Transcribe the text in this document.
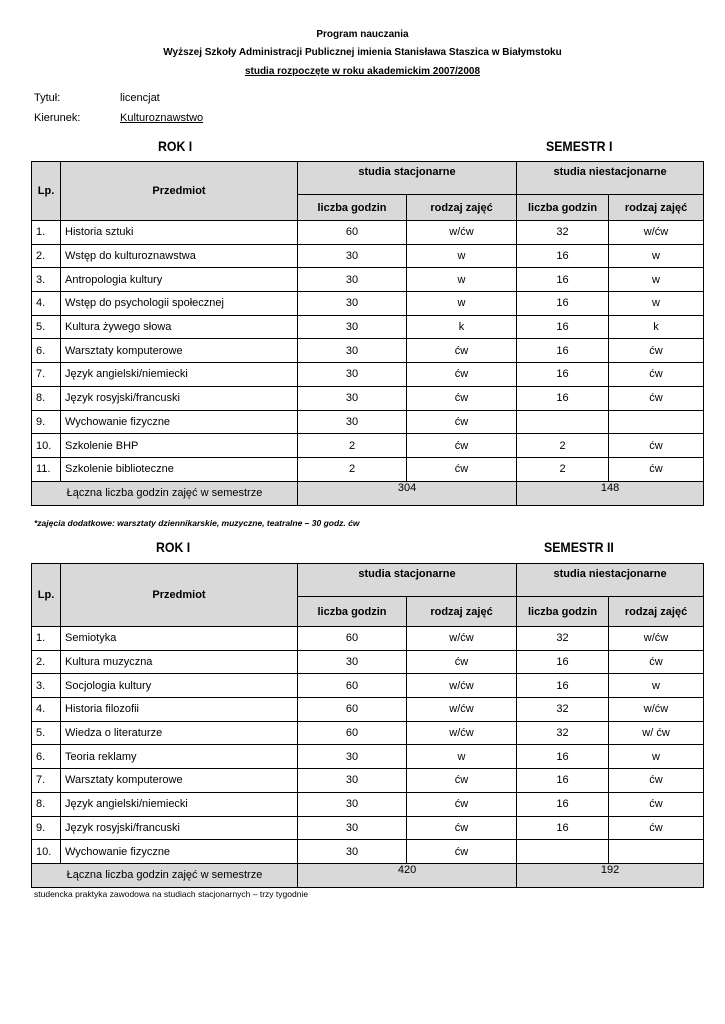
Program nauczania
Wyższej Szkoły Administracji Publicznej imienia Stanisława Staszica w Białymstoku
studia rozpoczęte w roku akademickim 2007/2008
Tytuł:	licencjat
Kierunek:	Kulturoznawstwo
ROK I	SEMESTR I
Lp.	Przedmiot	studia stacjonarne		studia niestacjonarne	
		liczba godzin	rodzaj zajęć	liczba godzin	rodzaj zajęć
1.	Historia sztuki	60	w/ćw	32	w/ćw
2.	Wstęp do kulturoznawstwa	30	w	16	w
3.	Antropologia kultury	30	w	16	w
4.	Wstęp do psychologii społecznej	30	w	16	w
5.	Kultura żywego słowa	30	k	16	k
6.	Warsztaty komputerowe	30	ćw	16	ćw
7.	Język angielski/niemiecki	30	ćw	16	ćw
8.	Język rosyjski/francuski	30	ćw	16	ćw
9.	Wychowanie fizyczne	30	ćw		
10.	Szkolenie BHP	2	ćw	2	ćw
11.	Szkolenie biblioteczne	2	ćw	2	ćw
Łączna liczba godzin zajęć w semestrze		304		148	
*zajęcia dodatkowe: warsztaty dziennikarskie, muzyczne, teatralne – 30 godz. ćw
ROK I	SEMESTR II
Lp.	Przedmiot	studia stacjonarne		studia niestacjonarne	
		liczba godzin	rodzaj zajęć	liczba godzin	rodzaj zajęć
1.	Semiotyka	60	w/ćw	32	w/ćw
2.	Kultura muzyczna	30	ćw	16	ćw
3.	Socjologia kultury	60	w/ćw	16	w
4.	Historia filozofii	60	w/ćw	32	w/ćw
5.	Wiedza o literaturze	60	w/ćw	32	w/ ćw
6.	Teoria reklamy	30	w	16	w
7.	Warsztaty komputerowe	30	ćw	16	ćw
8.	Język angielski/niemiecki	30	ćw	16	ćw
9.	Język rosyjski/francuski	30	ćw	16	ćw
10.	Wychowanie fizyczne	30	ćw		
Łączna liczba godzin zajęć w semestrze		420		192	
studencka praktyka zawodowa na studiach stacjonarnych – trzy tygodnie
